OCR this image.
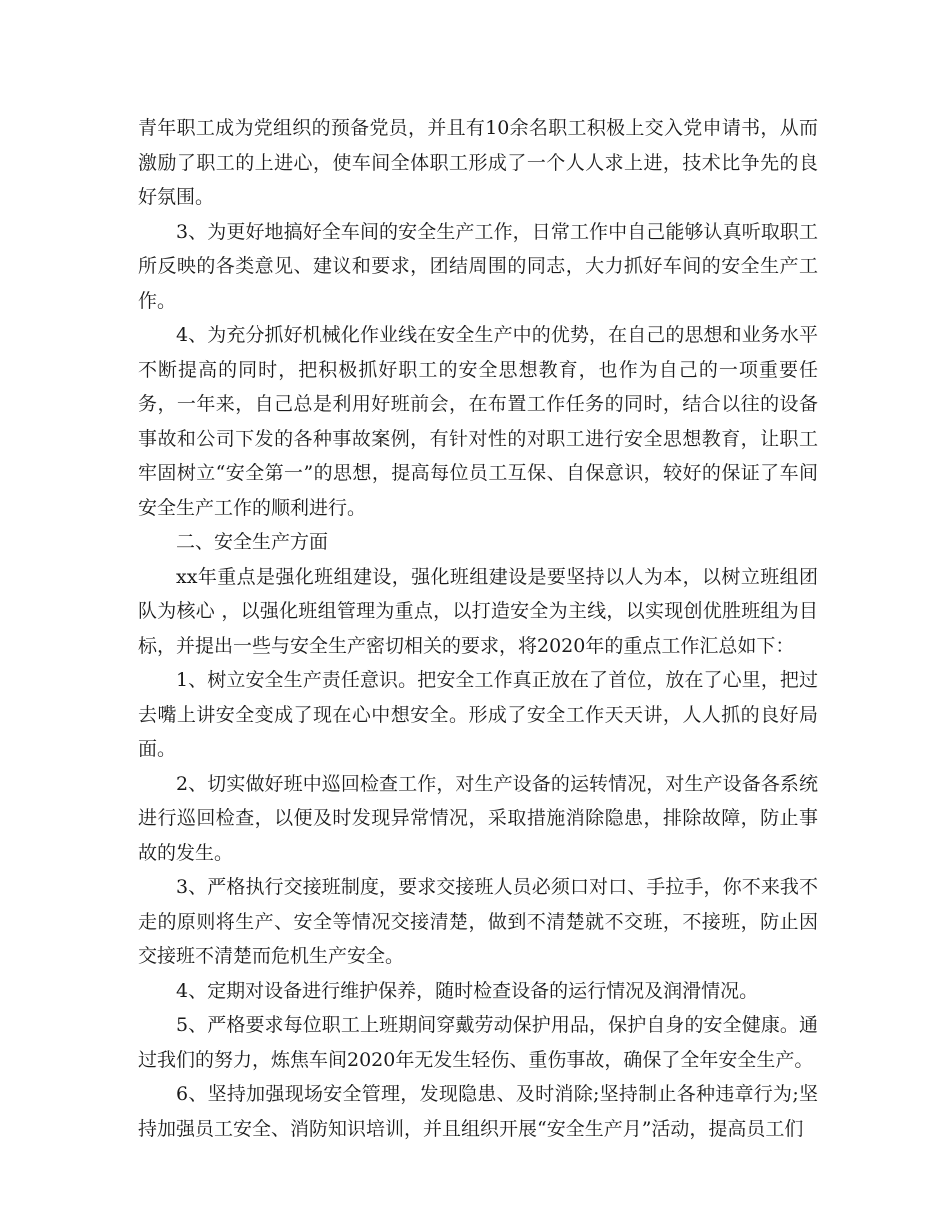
青年职工成为党组织的预备党员，并且有10余名职工积极上交入党申请书，从而激励了职工的上进心，使车间全体职工形成了一个人人求上进，技术比争先的良好氛围。

3、为更好地搞好全车间的安全生产工作，日常工作中自己能够认真听取职工所反映的各类意见、建议和要求，团结周围的同志，大力抓好车间的安全生产工作。

4、为充分抓好机械化作业线在安全生产中的优势，在自己的思想和业务水平不断提高的同时，把积极抓好职工的安全思想教育，也作为自己的一项重要任务，一年来，自己总是利用好班前会，在布置工作任务的同时，结合以往的设备事故和公司下发的各种事故案例，有针对性的对职工进行安全思想教育，让职工牢固树立“安全第一”的思想，提高每位员工互保、自保意识，较好的保证了车间安全生产工作的顺利进行。

二、安全生产方面

xx年重点是强化班组建设，强化班组建设是要坚持以人为本，以树立班组团队为核心 ，以强化班组管理为重点，以打造安全为主线，以实现创优胜班组为目标，并提出一些与安全生产密切相关的要求，将2020年的重点工作汇总如下：

1、树立安全生产责任意识。把安全工作真正放在了首位，放在了心里，把过去嘴上讲安全变成了现在心中想安全。形成了安全工作天天讲，人人抓的良好局面。

2、切实做好班中巡回检查工作，对生产设备的运转情况，对生产设备各系统进行巡回检查，以便及时发现异常情况，采取措施消除隐患，排除故障，防止事故的发生。

3、严格执行交接班制度，要求交接班人员必须口对口、手拉手，你不来我不走的原则将生产、安全等情况交接清楚，做到不清楚就不交班，不接班，防止因交接班不清楚而危机生产安全。

4、定期对设备进行维护保养，随时检查设备的运行情况及润滑情况。

5、严格要求每位职工上班期间穿戴劳动保护用品，保护自身的安全健康。通过我们的努力，炼焦车间2020年无发生轻伤、重伤事故，确保了全年安全生产。

6、坚持加强现场安全管理，发现隐患、及时消除;坚持制止各种违章行为;坚持加强员工安全、消防知识培训，并且组织开展“安全生产月”活动，提高员工们
